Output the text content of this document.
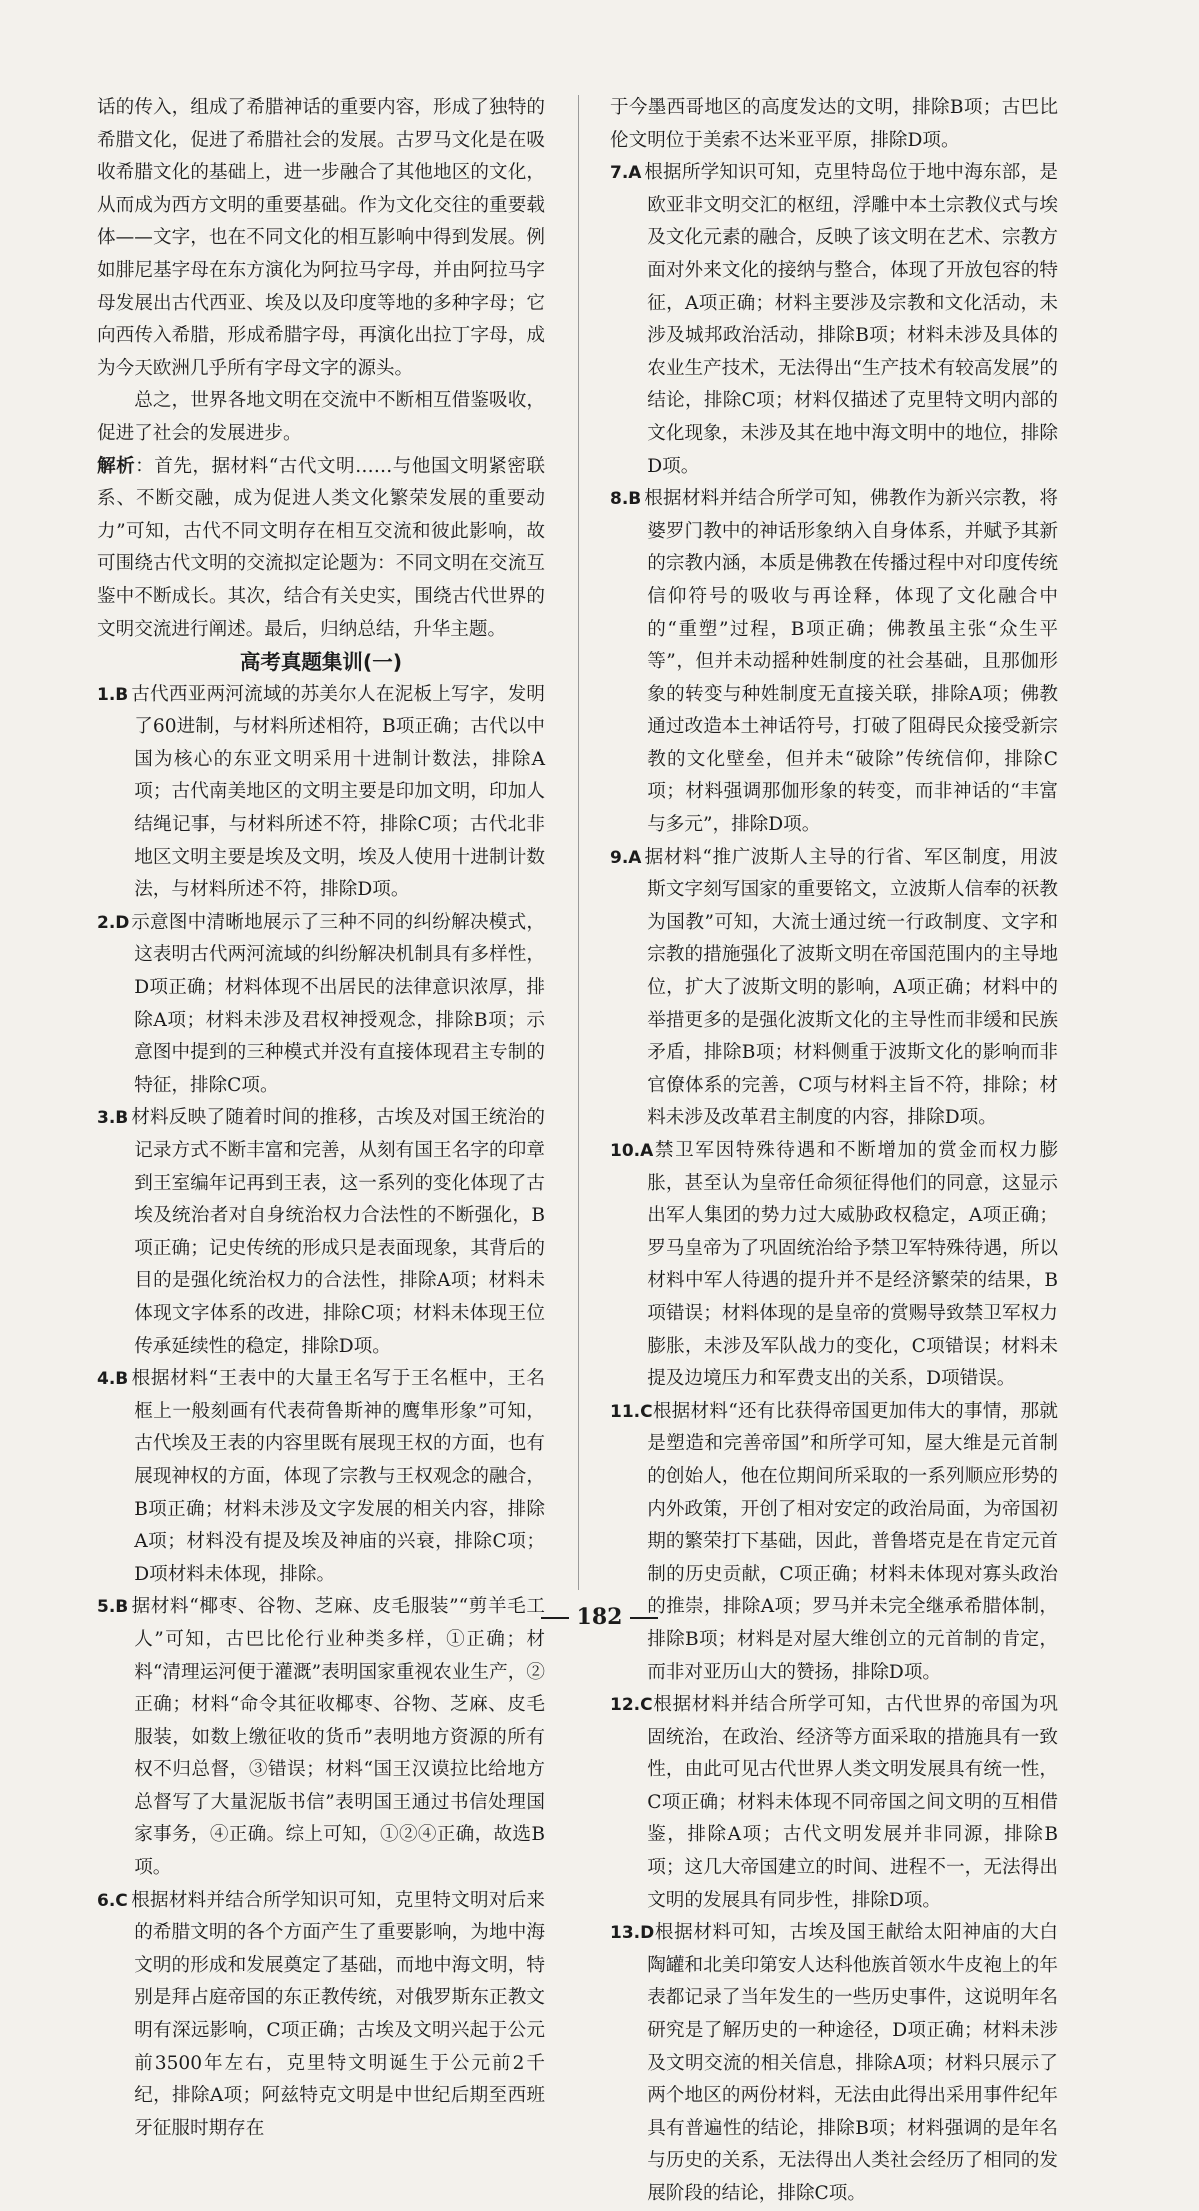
话的传入，组成了希腊神话的重要内容，形成了独特的希腊文化，促进了希腊社会的发展。古罗马文化是在吸收希腊文化的基础上，进一步融合了其他地区的文化，从而成为西方文明的重要基础。作为文化交往的重要载体——文字，也在不同文化的相互影响中得到发展。例如腓尼基字母在东方演化为阿拉马字母，并由阿拉马字母发展出古代西亚、埃及以及印度等地的多种字母；它向西传入希腊，形成希腊字母，再演化出拉丁字母，成为今天欧洲几乎所有字母文字的源头。

总之，世界各地文明在交流中不断相互借鉴吸收，促进了社会的发展进步。

解析：首先，据材料“古代文明……与他国文明紧密联系、不断交融，成为促进人类文化繁荣发展的重要动力”可知，古代不同文明存在相互交流和彼此影响，故可围绕古代文明的交流拟定论题为：不同文明在交流互鉴中不断成长。其次，结合有关史实，围绕古代世界的文明交流进行阐述。最后，归纳总结，升华主题。

高考真题集训(一)

1.B 古代西亚两河流域的苏美尔人在泥板上写字，发明了60进制，与材料所述相符，B项正确；古代以中国为核心的东亚文明采用十进制计数法，排除A项；古代南美地区的文明主要是印加文明，印加人结绳记事，与材料所述不符，排除C项；古代北非地区文明主要是埃及文明，埃及人使用十进制计数法，与材料所述不符，排除D项。

2.D示意图中清晰地展示了三种不同的纠纷解决模式，这表明古代两河流域的纠纷解决机制具有多样性，D项正确；材料体现不出居民的法律意识浓厚，排除A项；材料未涉及君权神授观念，排除B项；示意图中提到的三种模式并没有直接体现君主专制的特征，排除C项。

3.B 材料反映了随着时间的推移，古埃及对国王统治的记录方式不断丰富和完善，从刻有国王名字的印章到王室编年记再到王表，这一系列的变化体现了古埃及统治者对自身统治权力合法性的不断强化，B项正确；记史传统的形成只是表面现象，其背后的目的是强化统治权力的合法性，排除A项；材料未体现文字体系的改进，排除C项；材料未体现王位传承延续性的稳定，排除D项。

4.B 根据材料“王表中的大量王名写于王名框中，王名框上一般刻画有代表荷鲁斯神的鹰隼形象”可知，古代埃及王表的内容里既有展现王权的方面，也有展现神权的方面，体现了宗教与王权观念的融合，B项正确；材料未涉及文字发展的相关内容，排除A项；材料没有提及埃及神庙的兴衰，排除C项；D项材料未体现，排除。

5.B 据材料“椰枣、谷物、芝麻、皮毛服装”“剪羊毛工人”可知，古巴比伦行业种类多样，①正确；材料“清理运河便于灌溉”表明国家重视农业生产，②正确；材料“命令其征收椰枣、谷物、芝麻、皮毛服装，如数上缴征收的货币”表明地方资源的所有权不归总督，③错误；材料“国王汉谟拉比给地方总督写了大量泥版书信”表明国王通过书信处理国家事务，④正确。综上可知，①②④正确，故选B项。

6.C 根据材料并结合所学知识可知，克里特文明对后来的希腊文明的各个方面产生了重要影响，为地中海文明的形成和发展奠定了基础，而地中海文明，特别是拜占庭帝国的东正教传统，对俄罗斯东正教文明有深远影响，C项正确；古埃及文明兴起于公元前3500年左右，克里特文明诞生于公元前2千纪，排除A项；阿兹特克文明是中世纪后期至西班牙征服时期存在

于今墨西哥地区的高度发达的文明，排除B项；古巴比伦文明位于美索不达米亚平原，排除D项。

7.A 根据所学知识可知，克里特岛位于地中海东部，是欧亚非文明交汇的枢纽，浮雕中本土宗教仪式与埃及文化元素的融合，反映了该文明在艺术、宗教方面对外来文化的接纳与整合，体现了开放包容的特征，A项正确；材料主要涉及宗教和文化活动，未涉及城邦政治活动，排除B项；材料未涉及具体的农业生产技术，无法得出“生产技术有较高发展”的结论，排除C项；材料仅描述了克里特文明内部的文化现象，未涉及其在地中海文明中的地位，排除D项。

8.B 根据材料并结合所学可知，佛教作为新兴宗教，将婆罗门教中的神话形象纳入自身体系，并赋予其新的宗教内涵，本质是佛教在传播过程中对印度传统信仰符号的吸收与再诠释，体现了文化融合中的“重塑”过程，B项正确；佛教虽主张“众生平等”，但并未动摇种姓制度的社会基础，且那伽形象的转变与种姓制度无直接关联，排除A项；佛教通过改造本土神话符号，打破了阻碍民众接受新宗教的文化壁垒，但并未“破除”传统信仰，排除C项；材料强调那伽形象的转变，而非神话的“丰富与多元”，排除D项。

9.A 据材料“推广波斯人主导的行省、军区制度，用波斯文字刻写国家的重要铭文，立波斯人信奉的祆教为国教”可知，大流士通过统一行政制度、文字和宗教的措施强化了波斯文明在帝国范围内的主导地位，扩大了波斯文明的影响，A项正确；材料中的举措更多的是强化波斯文化的主导性而非缓和民族矛盾，排除B项；材料侧重于波斯文化的影响而非官僚体系的完善，C项与材料主旨不符，排除；材料未涉及改革君主制度的内容，排除D项。

10.A禁卫军因特殊待遇和不断增加的赏金而权力膨胀，甚至认为皇帝任命须征得他们的同意，这显示出军人集团的势力过大威胁政权稳定，A项正确；罗马皇帝为了巩固统治给予禁卫军特殊待遇，所以材料中军人待遇的提升并不是经济繁荣的结果，B项错误；材料体现的是皇帝的赏赐导致禁卫军权力膨胀，未涉及军队战力的变化，C项错误；材料未提及边境压力和军费支出的关系，D项错误。

11.C根据材料“还有比获得帝国更加伟大的事情，那就是塑造和完善帝国”和所学可知，屋大维是元首制的创始人，他在位期间所采取的一系列顺应形势的内外政策，开创了相对安定的政治局面，为帝国初期的繁荣打下基础，因此，普鲁塔克是在肯定元首制的历史贡献，C项正确；材料未体现对寡头政治的推崇，排除A项；罗马并未完全继承希腊体制，排除B项；材料是对屋大维创立的元首制的肯定，而非对亚历山大的赞扬，排除D项。

12.C根据材料并结合所学可知，古代世界的帝国为巩固统治，在政治、经济等方面采取的措施具有一致性，由此可见古代世界人类文明发展具有统一性，C项正确；材料未体现不同帝国之间文明的互相借鉴，排除A项；古代文明发展并非同源，排除B项；这几大帝国建立的时间、进程不一，无法得出文明的发展具有同步性，排除D项。

13.D根据材料可知，古埃及国王献给太阳神庙的大白陶罐和北美印第安人达科他族首领水牛皮袍上的年表都记录了当年发生的一些历史事件，这说明年名研究是了解历史的一种途径，D项正确；材料未涉及文明交流的相关信息，排除A项；材料只展示了两个地区的两份材料，无法由此得出采用事件纪年具有普遍性的结论，排除B项；材料强调的是年名与历史的关系，无法得出人类社会经历了相同的发展阶段的结论，排除C项。

182
